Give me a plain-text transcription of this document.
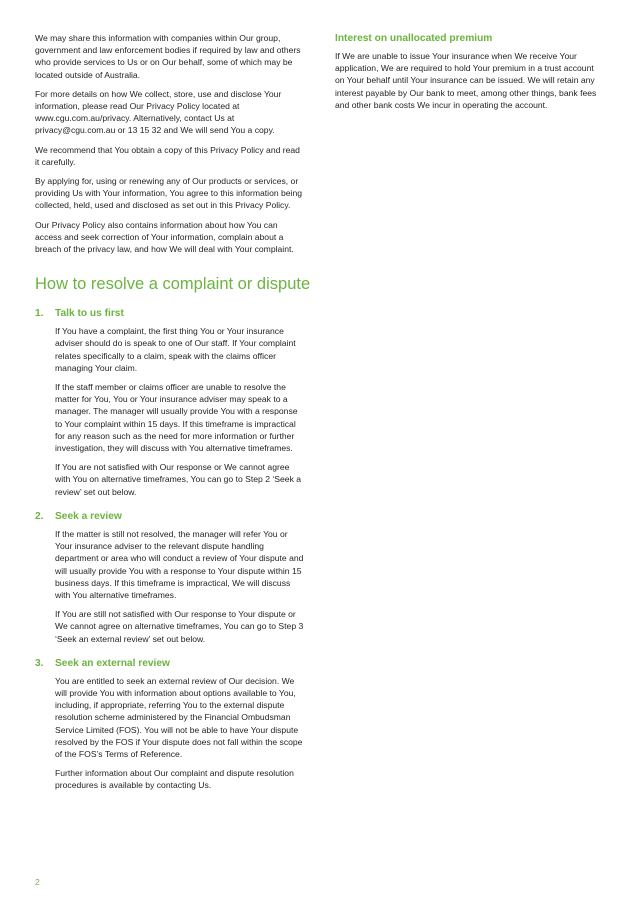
We may share this information with companies within Our group, government and law enforcement bodies if required by law and others who provide services to Us or on Our behalf, some of which may be located outside of Australia.

For more details on how We collect, store, use and disclose Your information, please read Our Privacy Policy located at www.cgu.com.au/privacy. Alternatively, contact Us at privacy@cgu.com.au or 13 15 32 and We will send You a copy.

We recommend that You obtain a copy of this Privacy Policy and read it carefully.

By applying for, using or renewing any of Our products or services, or providing Us with Your information, You agree to this information being collected, held, used and disclosed as set out in this Privacy Policy.

Our Privacy Policy also contains information about how You can access and seek correction of Your information, complain about a breach of the privacy law, and how We will deal with Your complaint.

How to resolve a complaint or dispute
1.	Talk to us first

If You have a complaint, the first thing You or Your insurance adviser should do is speak to one of Our staff. If Your complaint relates specifically to a claim, speak with the claims officer managing Your claim.

If the staff member or claims officer are unable to resolve the matter for You, You or Your insurance adviser may speak to a manager. The manager will usually provide You with a response to Your complaint within 15 days. If this timeframe is impractical for any reason such as the need for more information or further investigation, they will discuss with You alternative timeframes.

If You are not satisfied with Our response or We cannot agree with You on alternative timeframes, You can go to Step 2 ‘Seek a review’ set out below.

2.	Seek a review

If the matter is still not resolved, the manager will refer You or Your insurance adviser to the relevant dispute handling department or area who will conduct a review of Your dispute and will usually provide You with a response to Your dispute within 15 business days. If this timeframe is impractical, We will discuss with You alternative timeframes.

If You are still not satisfied with Our response to Your dispute or We cannot agree on alternative timeframes, You can go to Step 3 ‘Seek an external review’ set out below.

3.	Seek an external review

You are entitled to seek an external review of Our decision. We will provide You with information about options available to You, including, if appropriate, referring You to the external dispute resolution scheme administered by the Financial Ombudsman Service Limited (FOS). You will not be able to have Your dispute resolved by the FOS if Your dispute does not fall within the scope of the FOS’s Terms of Reference.

Further information about Our complaint and dispute resolution procedures is available by contacting Us.

Interest on unallocated premium

If We are unable to issue Your insurance when We receive Your application, We are required to hold Your premium in a trust account on Your behalf until Your insurance can be issued. We will retain any interest payable by Our bank to meet, among other things, bank fees and other bank costs We incur in operating the account.

2
